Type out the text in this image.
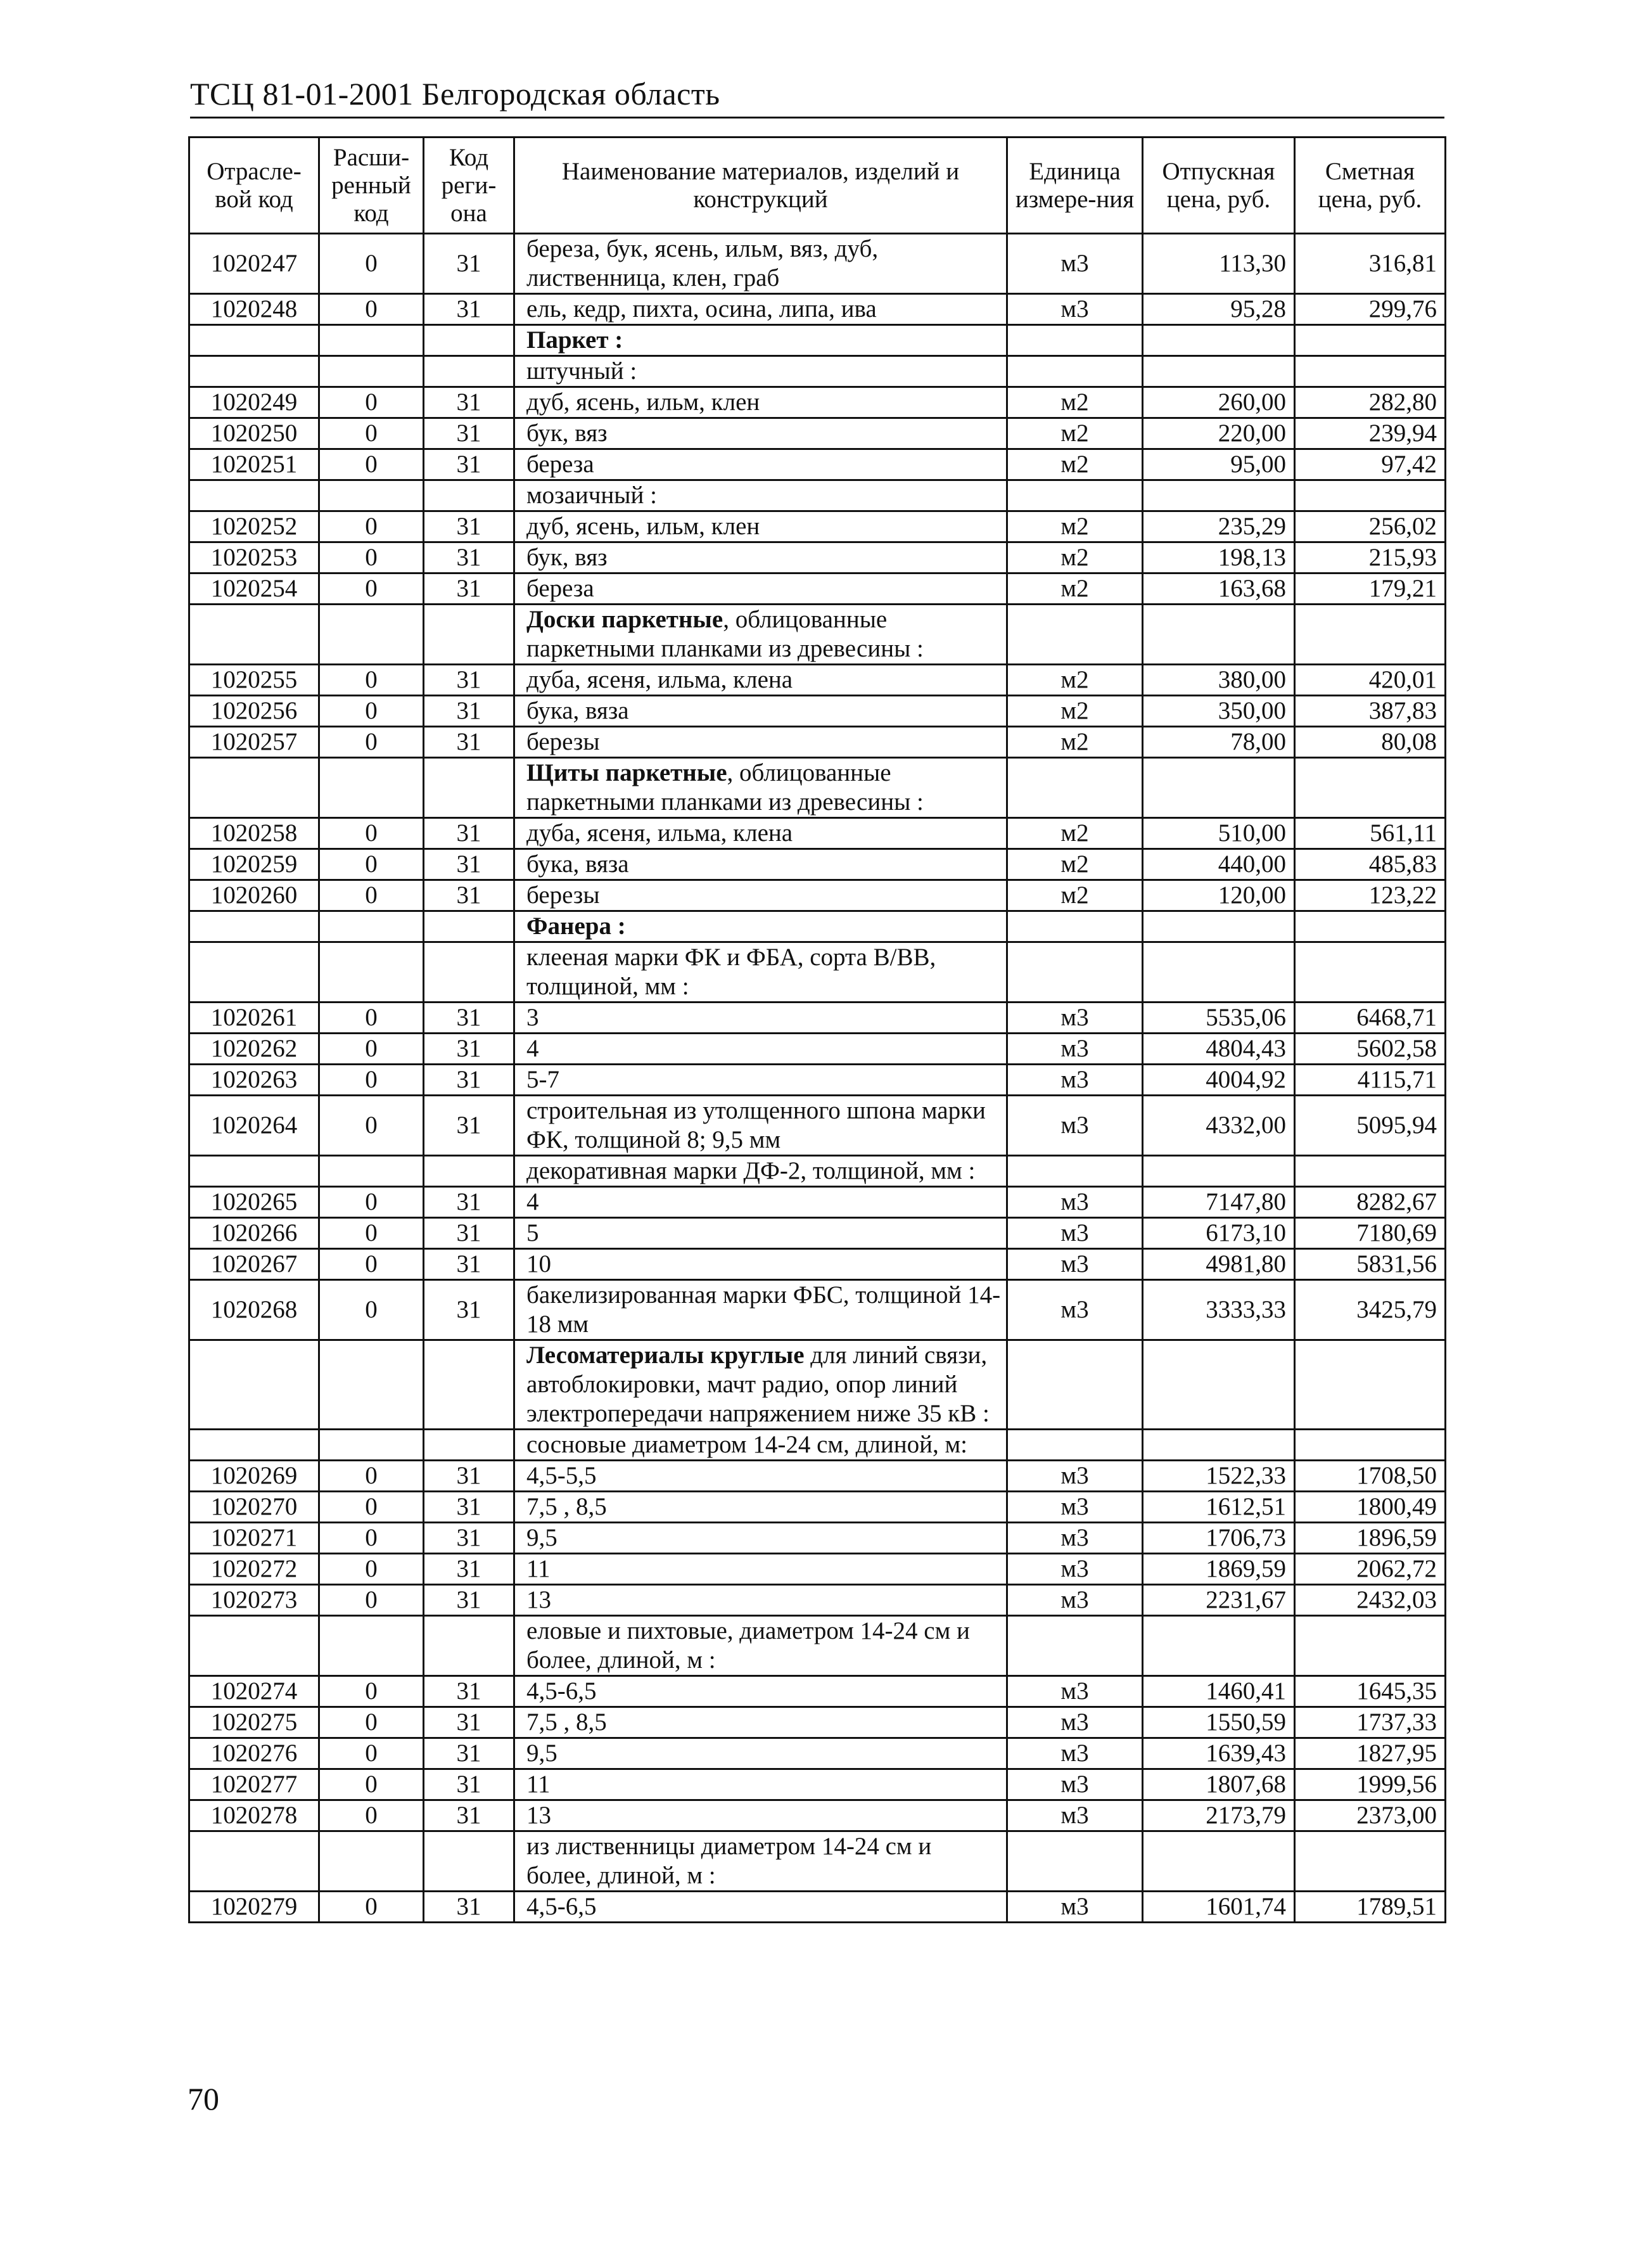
ТСЦ 81-01-2001 Белгородская область
Отрасле-вой код	Расши-ренный код	Код реги-она	Наименование материалов, изделий и конструкций	Единица измере-ния	Отпускная цена, руб.	Сметная цена, руб.
1020247	0	31	береза, бук, ясень, ильм, вяз, дуб, лиственница, клен, граб	м3	113,30	316,81
1020248	0	31	ель, кедр, пихта, осина, липа, ива	м3	95,28	299,76
			Паркет :			
			штучный :			
1020249	0	31	дуб, ясень, ильм, клен	м2	260,00	282,80
1020250	0	31	бук, вяз	м2	220,00	239,94
1020251	0	31	береза	м2	95,00	97,42
			мозаичный :			
1020252	0	31	дуб, ясень, ильм, клен	м2	235,29	256,02
1020253	0	31	бук, вяз	м2	198,13	215,93
1020254	0	31	береза	м2	163,68	179,21
			Доски паркетные, облицованные паркетными планками из древесины :			
1020255	0	31	дуба, ясеня, ильма, клена	м2	380,00	420,01
1020256	0	31	бука, вяза	м2	350,00	387,83
1020257	0	31	березы	м2	78,00	80,08
			Щиты паркетные, облицованные паркетными планками из древесины :			
1020258	0	31	дуба, ясеня, ильма, клена	м2	510,00	561,11
1020259	0	31	бука, вяза	м2	440,00	485,83
1020260	0	31	березы	м2	120,00	123,22
			Фанера :			
			клееная марки ФК и ФБА, сорта В/ВВ, толщиной, мм :			
1020261	0	31	3	м3	5535,06	6468,71
1020262	0	31	4	м3	4804,43	5602,58
1020263	0	31	5-7	м3	4004,92	4115,71
1020264	0	31	строительная из утолщенного шпона марки ФК, толщиной 8; 9,5 мм	м3	4332,00	5095,94
			декоративная марки ДФ-2, толщиной, мм :			
1020265	0	31	4	м3	7147,80	8282,67
1020266	0	31	5	м3	6173,10	7180,69
1020267	0	31	10	м3	4981,80	5831,56
1020268	0	31	бакелизированная марки ФБС, толщиной 14-18 мм	м3	3333,33	3425,79
			Лесоматериалы круглые для линий связи, автоблокировки, мачт радио, опор линий электропередачи напряжением ниже 35 кВ :			
			сосновые диаметром 14-24 см, длиной, м:			
1020269	0	31	4,5-5,5	м3	1522,33	1708,50
1020270	0	31	7,5 , 8,5	м3	1612,51	1800,49
1020271	0	31	9,5	м3	1706,73	1896,59
1020272	0	31	11	м3	1869,59	2062,72
1020273	0	31	13	м3	2231,67	2432,03
			еловые и пихтовые, диаметром 14-24 см и более, длиной, м :			
1020274	0	31	4,5-6,5	м3	1460,41	1645,35
1020275	0	31	7,5 , 8,5	м3	1550,59	1737,33
1020276	0	31	9,5	м3	1639,43	1827,95
1020277	0	31	11	м3	1807,68	1999,56
1020278	0	31	13	м3	2173,79	2373,00
			из лиственницы диаметром 14-24 см и более, длиной, м :			
1020279	0	31	4,5-6,5	м3	1601,74	1789,51
70
